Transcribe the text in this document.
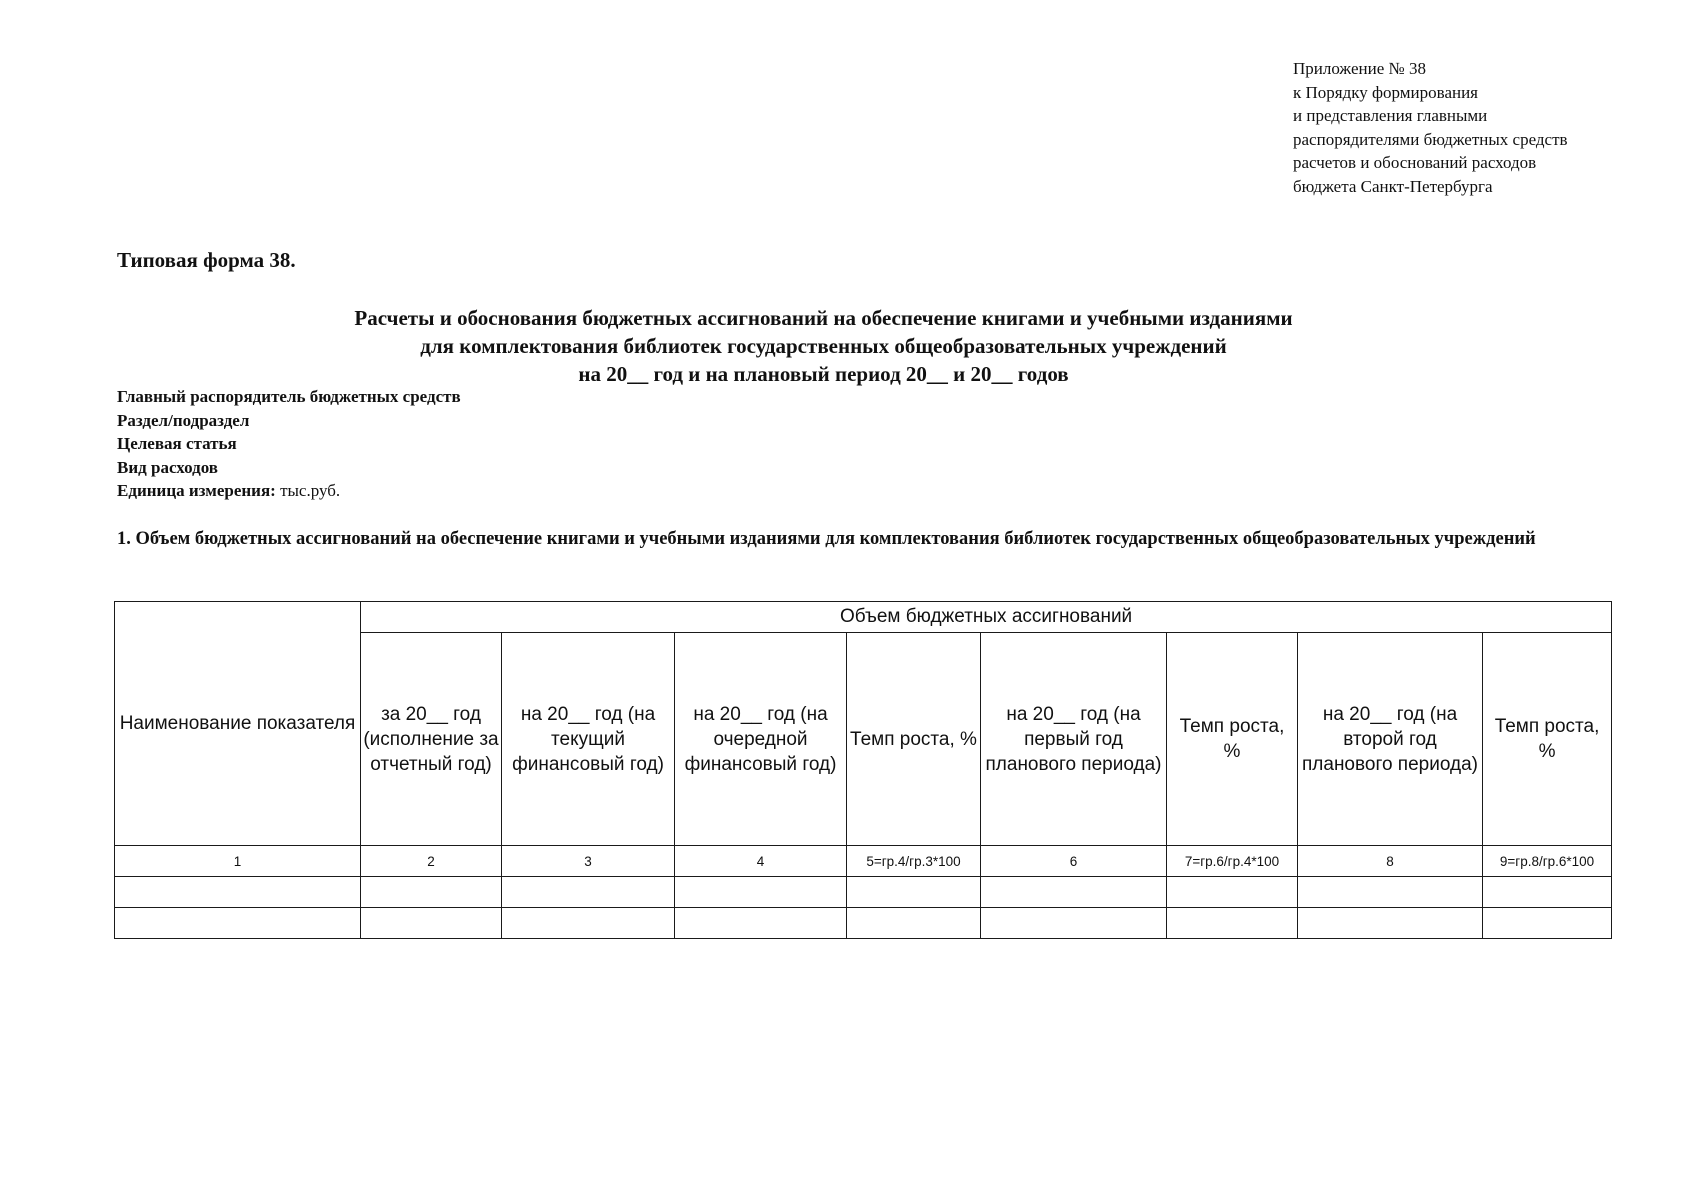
Приложение № 38
к Порядку формирования
и представления главными
распорядителями бюджетных средств
расчетов и обоснований расходов
бюджета Санкт-Петербурга
Типовая форма 38.
Расчеты и обоснования бюджетных ассигнований на обеспечение книгами и учебными изданиями
для комплектования библиотек государственных общеобразовательных учреждений
на 20__ год и на плановый период 20__ и 20__ годов
Главный распорядитель бюджетных средств
Раздел/подраздел
Целевая статья
Вид расходов
Единица измерения: тыс.руб.
1. Объем бюджетных ассигнований на обеспечение книгами и учебными изданиями для комплектования библиотек государственных общеобразовательных учреждений
Наименование показателя	Объем бюджетных ассигнований							
	за 20__ год (исполнение за отчетный год)	на 20__ год (на текущий финансовый год)	на 20__ год (на очередной финансовый год)	Темп роста, %	на 20__ год (на первый год планового периода)	Темп роста, %	на 20__ год (на второй год планового периода)	Темп роста, %
1	2	3	4	5=гр.4/гр.3*100	6	7=гр.6/гр.4*100	8	9=гр.8/гр.6*100
